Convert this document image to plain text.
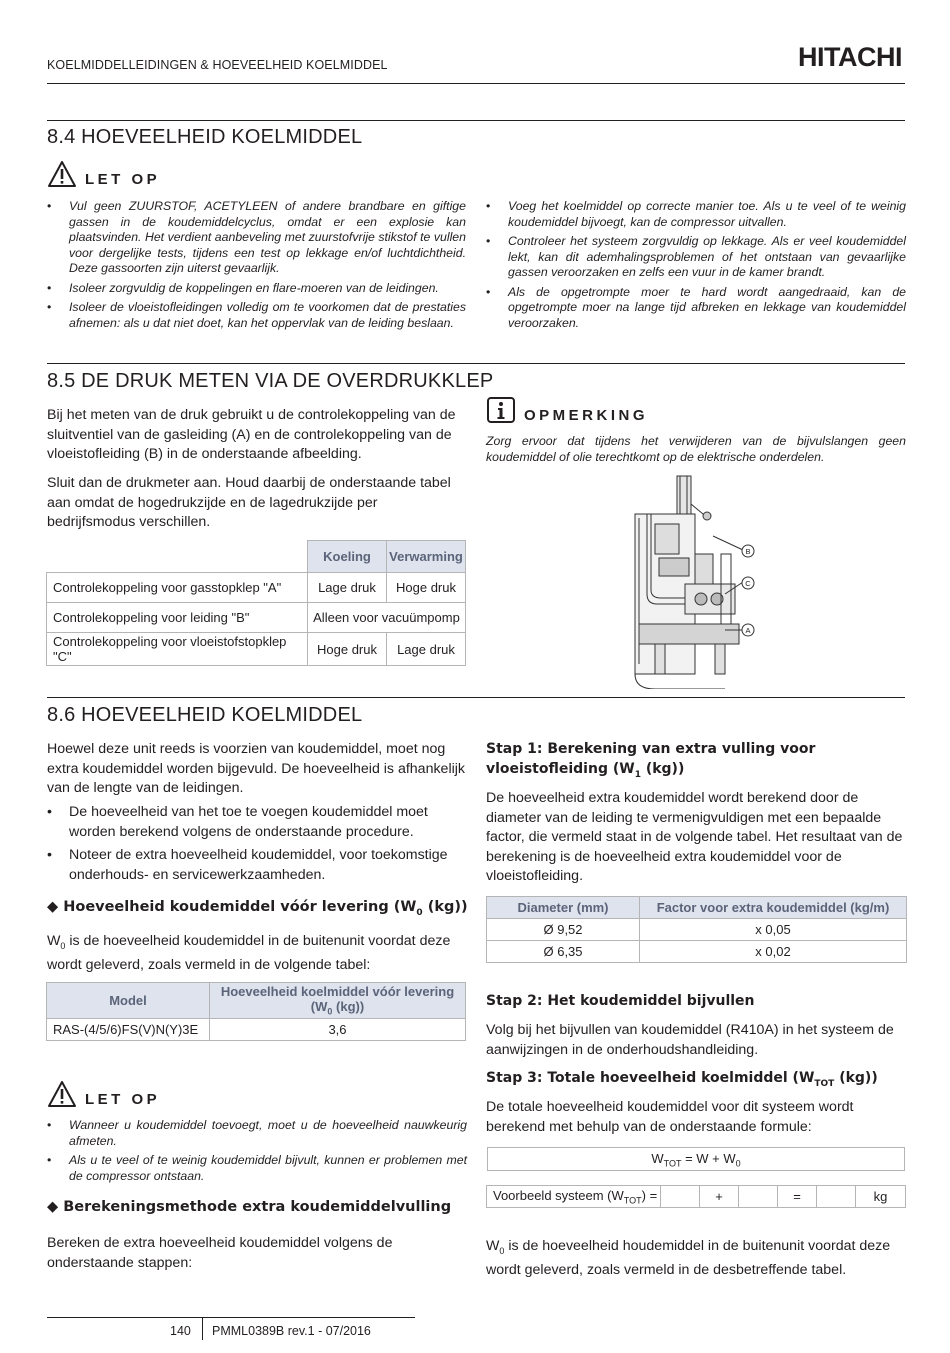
KOELMIDDELLEIDINGEN & HOEVEELHEID KOELMIDDEL	HITACHI
8.4 HOEVEELHEID KOELMIDDEL
LET OP
• Vul geen ZUURSTOF, ACETYLEEN of andere brandbare en giftige gassen in de koudemiddelcyclus, omdat er een explosie kan plaatsvinden. Het verdient aanbeveling met zuurstofvrije stikstof te vullen voor dergelijke tests, tijdens een test op lekkage en/of luchtdichtheid. Deze gassoorten zijn uiterst gevaarlijk.
• Isoleer zorgvuldig de koppelingen en flare-moeren van de leidingen.
• Isoleer de vloeistofleidingen volledig om te voorkomen dat de prestaties afnemen: als u dat niet doet, kan het oppervlak van de leiding beslaan.
• Voeg het koelmiddel op correcte manier toe. Als u te veel of te weinig koudemiddel bijvoegt, kan de compressor uitvallen.
• Controleer het systeem zorgvuldig op lekkage. Als er veel koudemiddel lekt, kan dit ademhalingsproblemen of het ontstaan van gevaarlijke gassen veroorzaken en zelfs een vuur in de kamer brandt.
• Als de opgetrompte moer te hard wordt aangedraaid, kan de opgetrompte moer na lange tijd afbreken en lekkage van koudemiddel veroorzaken.
8.5 DE DRUK METEN VIA DE OVERDRUKKLEP

Bij het meten van de druk gebruikt u de controlekoppeling van de sluitventiel van de gasleiding (A) en de controlekoppeling van de vloeistofleiding (B) in de onderstaande afbeelding.

Sluit dan de drukmeter aan. Houd daarbij de onderstaande tabel aan omdat de hogedrukzijde en de lagedrukzijde per bedrijfsmodus verschillen.

	Koeling	Verwarming
Controlekoppeling voor gasstopklep "A"	Lage druk	Hoge druk
Controlekoppeling voor leiding "B"	Alleen voor vacuümpomp	
Controlekoppeling voor vloeistofstopklep "C"	Hoge druk	Lage druk
OPMERKING

Zorg ervoor dat tijdens het verwijderen van de bijvulslangen geen koudemiddel of olie terechtkomt op de elektrische onderdelen.

B
C
A
8.6 HOEVEELHEID KOELMIDDEL

Hoewel deze unit reeds is voorzien van koudemiddel, moet nog extra koudemiddel worden bijgevuld. De hoeveelheid is afhankelijk van de lengte van de leidingen.

• De hoeveelheid van het toe te voegen koudemiddel moet worden berekend volgens de onderstaande procedure.
• Noteer de extra hoeveelheid koudemiddel, voor toekomstige onderhouds- en servicewerkzaamheden.
◆ Hoeveelheid koudemiddel vóór levering ($W_0$ (kg))

$W_0$ is de hoeveelheid koudemiddel in de buitenunit voordat deze wordt geleverd, zoals vermeld in de volgende tabel:

Model	Hoeveelheid koelmiddel vóór levering
($W_0$ (kg))
RAS-(4/5/6)FS(V)N(Y)3E	3,6
LET OP
• Wanneer u koudemiddel toevoegt, moet u de hoeveelheid nauwkeurig afmeten.
• Als u te veel of te weinig koudemiddel bijvult, kunnen er problemen met de compressor ontstaan.
◆ Berekeningsmethode extra koudemiddelvulling

Bereken de extra hoeveelheid koudemiddel volgens de onderstaande stappen:

Stap 1: Berekening van extra vulling voor vloeistofleiding ($W_1$ (kg))

De hoeveelheid extra koudemiddel wordt berekend door de diameter van de leiding te vermenigvuldigen met een bepaalde factor, die vermeld staat in de volgende tabel. Het resultaat van de berekening is de hoeveelheid extra koudemiddel voor de vloeistofleiding.

Diameter (mm)	Factor voor extra koudemiddel (kg/m)
Ø 9,52	x 0,05
Ø 6,35	x 0,02

Stap 2: Het koudemiddel bijvullen

Volg bij het bijvullen van koudemiddel (R410A) in het systeem de aanwijzingen in de onderhoudshandleiding.

Stap 3: Totale hoeveelheid koelmiddel ($W_{TOT}$ (kg))

De totale hoeveelheid koudemiddel voor dit systeem wordt berekend met behulp van de onderstaande formule:

$W_{TOT} = W + W_0$
Voorbeeld systeem $(W_{TOT})$ =		+		=		kg

$W_0$ is de hoeveelheid houdemiddel in de buitenunit voordat deze wordt geleverd, zoals vermeld in de desbetreffende tabel.

140 PMML0389B rev.1 - 07/2016
